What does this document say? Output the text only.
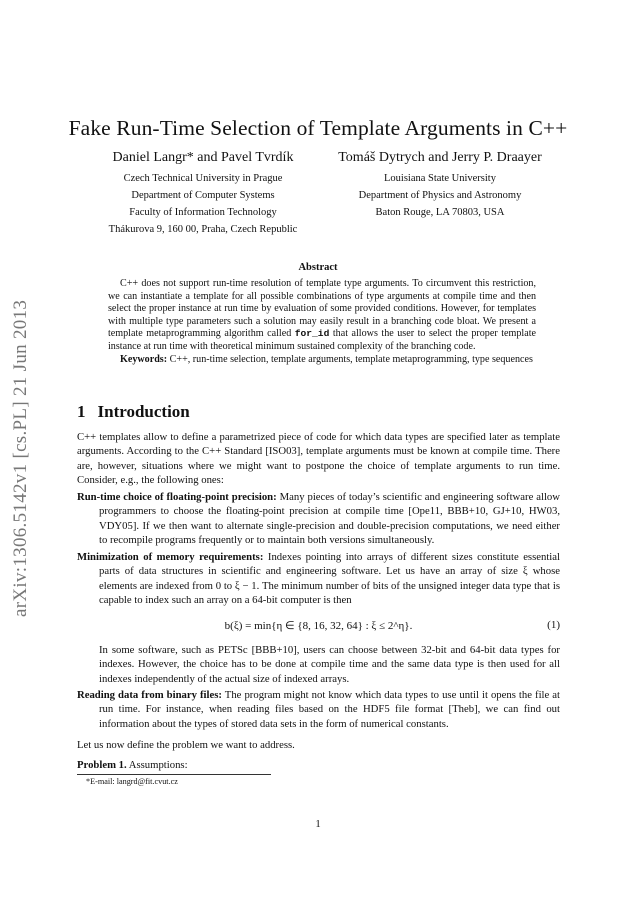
arXiv:1306.5142v1 [cs.PL] 21 Jun 2013
Fake Run-Time Selection of Template Arguments in C++
Daniel Langr* and Pavel Tvrdík
Czech Technical University in Prague
Department of Computer Systems
Faculty of Information Technology
Thákurova 9, 160 00, Praha, Czech Republic
Tomáš Dytrych and Jerry P. Draayer
Louisiana State University
Department of Physics and Astronomy
Baton Rouge, LA 70803, USA
Abstract

C++ does not support run-time resolution of template type arguments. To circumvent this restriction, we can instantiate a template for all possible combinations of type arguments at compile time and then select the proper instance at run time by evaluation of some provided conditions. However, for templates with multiple type parameters such a solution may easily result in a branching code bloat. We present a template metaprogramming algorithm called for_id that allows the user to select the proper template instance at run time with theoretical minimum sustained complexity of the branching code.

Keywords: C++, run-time selection, template arguments, template metaprogramming, type sequences

1 Introduction
C++ templates allow to define a parametrized piece of code for which data types are specified later as template arguments. According to the C++ Standard [ISO03], template arguments must be known at compile time. There are, however, situations where we might want to postpone the choice of template arguments to run time. Consider, e.g., the following ones:

Run-time choice of floating-point precision: Many pieces of today’s scientific and engineering software allow programmers to choose the floating-point precision at compile time [Ope11, BBB+10, GJ+10, HW03, VDY05]. If we then want to alternate single-precision and double-precision computations, we need either to recompile programs frequently or to maintain both versions simultaneously.

Minimization of memory requirements: Indexes pointing into arrays of different sizes constitute essential parts of data structures in scientific and engineering software. Let us have an array of size ξ whose elements are indexed from 0 to ξ − 1. The minimum number of bits of the unsigned integer data type that is capable to index such an array on a 64-bit computer is then

b(ξ) = min{η ∈ {8, 16, 32, 64} : ξ ≤ 2^η}.	(1)
In some software, such as PETSc [BBB+10], users can choose between 32-bit and 64-bit data types for indexes. However, the choice has to be done at compile time and the same data type is then used for all indexes independently of the actual size of indexed arrays.

Reading data from binary files: The program might not know which data types to use until it opens the file at run time. For instance, when reading files based on the HDF5 file format [Theb], we can find out information about the types of stored data sets in the form of numerical constants.

Let us now define the problem we want to address.
Problem 1. Assumptions:
*E-mail: langrd@fit.cvut.cz
1
